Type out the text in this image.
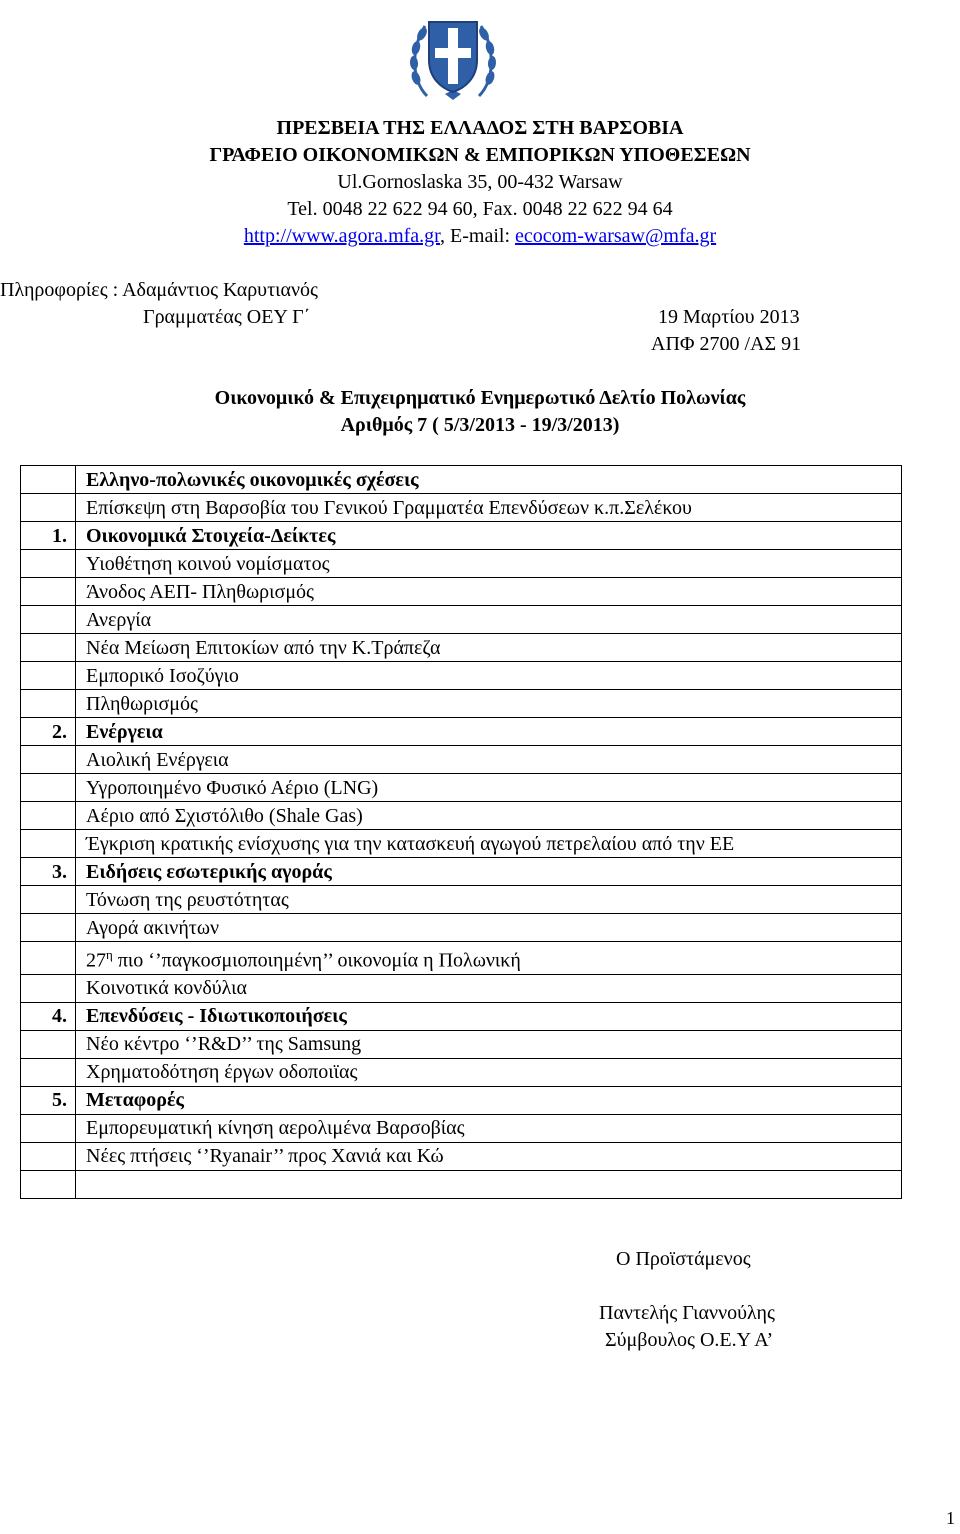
ΠΡΕΣΒΕΙΑ ΤΗΣ ΕΛΛΑΔΟΣ ΣΤΗ ΒΑΡΣΟΒΙΑ
ΓΡΑΦΕΙΟ ΟΙΚΟΝΟΜΙΚΩΝ & ΕΜΠΟΡΙΚΩΝ ΥΠΟΘΕΣΕΩΝ
Ul.Gornoslaska 35, 00-432 Warsaw
Tel. 0048 22 622 94 60, Fax. 0048 22 622 94 64
http://www.agora.mfa.gr, E-mail: ecocom-warsaw@mfa.gr
Πληροφορίες : Αδαμάντιος Καρυτιανός
Γραμματέας ΟΕΥ Γ΄	19 Μαρτίου 2013
ΑΠΦ 2700 /ΑΣ 91
Οικονομικό & Επιχειρηματικό Ενημερωτικό Δελτίο Πολωνίας
Αριθμός 7 ( 5/3/2013 - 19/3/2013)
	Ελληνο-πολωνικές οικονομικές σχέσεις
	Επίσκεψη στη Βαρσοβία του Γενικού Γραμματέα Επενδύσεων κ.π.Σελέκου
1.	Οικονομικά Στοιχεία-Δείκτες
	Υιοθέτηση κοινού νομίσματος
	Άνοδος ΑΕΠ- Πληθωρισμός
	Ανεργία
	Νέα Μείωση Επιτοκίων από την Κ.Τράπεζα
	Εμπορικό Ισοζύγιο
	Πληθωρισμός
2.	Ενέργεια
	Αιολική Ενέργεια
	Υγροποιημένο Φυσικό Αέριο (LNG)
	Αέριο από Σχιστόλιθο (Shale Gas)
	Έγκριση κρατικής ενίσχυσης για την κατασκευή αγωγού πετρελαίου από την ΕΕ
3.	Ειδήσεις εσωτερικής αγοράς
	Τόνωση της ρευστότητας
	Αγορά ακινήτων
	$27^\eta$ πιο ‘’παγκοσμιοποιημένη’’ οικονομία η Πολωνική
	Κοινοτικά κονδύλια
4.	Επενδύσεις - Ιδιωτικοποιήσεις
	Νέο κέντρο ‘’R&D’’ της Samsung
	Χρηματοδότηση έργων οδοποιϊας
5.	Μεταφορές
	Εμπορευματική κίνηση αερολιμένα Βαρσοβίας
	Νέες πτήσεις ‘’Ryanair’’ προς Χανιά και Κώ

Ο Προϊστάμενος
Παντελής Γιαννούλης
Σύμβουλος Ο.Ε.Υ Α’
1
